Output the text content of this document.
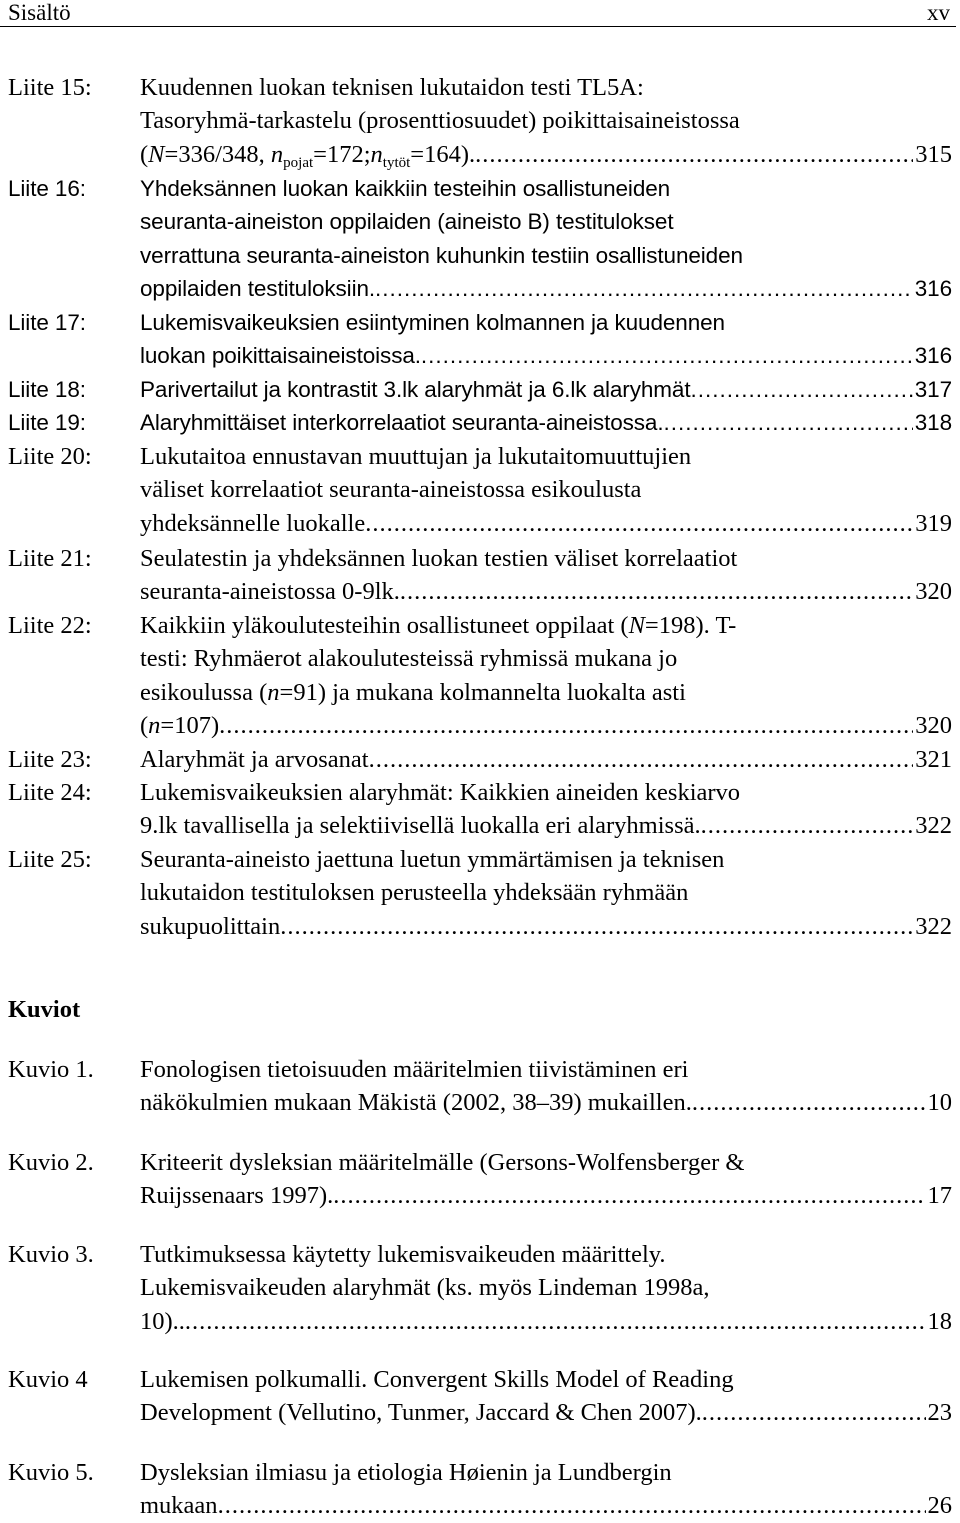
Sisältö	xv
Liite 15: Kuudennen luokan teknisen lukutaidon testi TL5A:
Tasoryhmä-tarkastelu (prosenttiosuudet) poikittaisaineistossa
(N=336/348, $n_{pojat}=172;n_{tytöt}=164$). .....	315
Liite 16: Yhdeksännen luokan kaikkiin testeihin osallistuneiden
seuranta-aineiston oppilaiden (aineisto B) testitulokset
verrattuna seuranta-aineiston kuhunkin testiin osallistuneiden
oppilaiden testituloksiin. .....	316
Liite 17: Lukemisvaikeuksien esiintyminen kolmannen ja kuudennen
luokan poikittaisaineistoissa. .....	316
Liite 18: Parivertailut ja kontrastit 3.lk alaryhmät ja 6.lk alaryhmät .....	317
Liite 19: Alaryhmittäiset interkorrelaatiot seuranta-aineistossa. .....	318
Liite 20: Lukutaitoa ennustavan muuttujan ja lukutaitomuuttujien
väliset korrelaatiot seuranta-aineistossa esikoulusta
yhdeksännelle luokalle .....	319
Liite 21: Seulatestin ja yhdeksännen luokan testien väliset korrelaatiot
seuranta-aineistossa 0-9lk. .....	320
Liite 22: Kaikkiin yläkoulutesteihin osallistuneet oppilaat (N=198). T-
testi: Ryhmäerot alakoulutesteissä ryhmissä mukana jo
esikoulussa (n=91) ja mukana kolmannelta luokalta asti
(n=107) .....	320
Liite 23: Alaryhmät ja arvosanat .....	321
Liite 24: Lukemisvaikeuksien alaryhmät: Kaikkien aineiden keskiarvo
9.lk tavallisella ja selektiivisellä luokalla eri alaryhmissä. .....	322
Liite 25: Seuranta-aineisto jaettuna luetun ymmärtämisen ja teknisen
lukutaidon testituloksen perusteella yhdeksään ryhmään
sukupuolittain .....	322
Kuviot
Kuvio 1. Fonologisen tietoisuuden määritelmien tiivistäminen eri
näkökulmien mukaan Mäkistä (2002, 38–39) mukaillen. .....	10
Kuvio 2. Kriteerit dysleksian määritelmälle (Gersons-Wolfensberger &
Ruijssenaars 1997). .....	17
Kuvio 3. Tutkimuksessa käytetty lukemisvaikeuden määrittely.
Lukemisvaikeuden alaryhmät (ks. myös Lindeman 1998a,
10).. .....	18
Kuvio 4 Lukemisen polkumalli. Convergent Skills Model of Reading
Development (Vellutino, Tunmer, Jaccard & Chen 2007). .....	23
Kuvio 5. Dysleksian ilmiasu ja etiologia Høienin ja Lundbergin
mukaan .....	26
